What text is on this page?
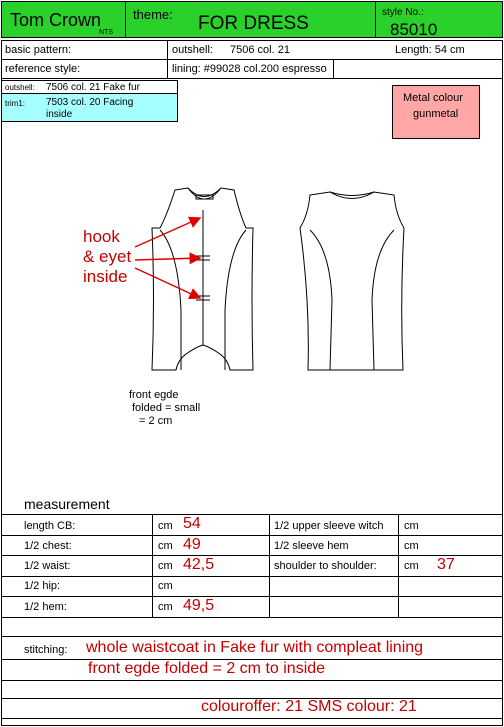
Tom Crown
NTS
theme: FOR DRESS
style No.:
85010
basic pattern:	outshell: 7506 col. 21	Length: 54 cm
reference style:	lining: #99028 col.200 espresso
outshell: 7506 col. 21 Fake fur
trim1: 7503 col. 20 Facing
inside
Metal colour
gunmetal
hook
& eyet
inside
front egde
folded = small
= 2 cm
measurement
length CB:	cm 54	1/2 upper sleeve witch cm
1/2 chest:	cm 49	1/2 sleeve hem	cm
1/2 waist:	cm 42,5	shoulder to shoulder: cm 37
1/2 hip:	cm
1/2 hem:	cm 49,5
stitching: whole waistcoat in Fake fur with compleat lining
front egde folded = 2 cm to inside
colouroffer: 21 SMS colour: 21
